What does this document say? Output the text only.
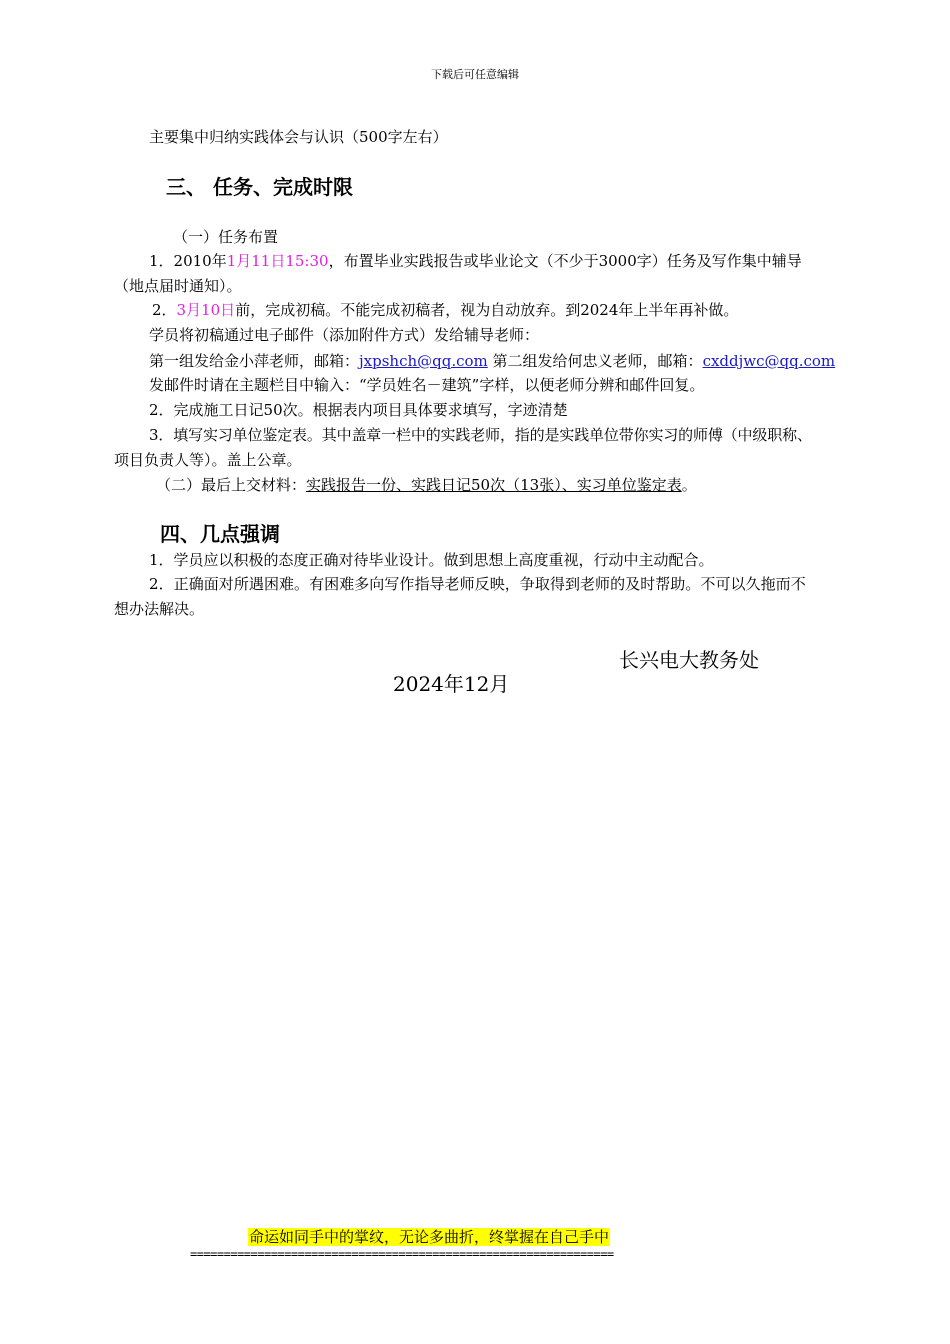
下载后可任意编辑
主要集中归纳实践体会与认识（500字左右）
三、 任务、完成时限
（一）任务布置
1．2010年1月11日15:30，布置毕业实践报告或毕业论文（不少于3000字）任务及写作集中辅导
（地点届时通知）。
2．3月10日前，完成初稿。不能完成初稿者，视为自动放弃。到2024年上半年再补做。
学员将初稿通过电子邮件（添加附件方式）发给辅导老师：
第一组发给金小萍老师，邮箱：jxpshch@qq.com 第二组发给何忠义老师，邮箱：cxddjwc@qq.com
发邮件时请在主题栏目中输入：“学员姓名－建筑”字样，以便老师分辨和邮件回复。
2．完成施工日记50次。根据表内项目具体要求填写，字迹清楚
3．填写实习单位鉴定表。其中盖章一栏中的实践老师，指的是实践单位带你实习的师傅（中级职称、
项目负责人等）。盖上公章。
（二）最后上交材料：实践报告一份、实践日记50次（13张）、实习单位鉴定表。
四、几点强调
1．学员应以积极的态度正确对待毕业设计。做到思想上高度重视，行动中主动配合。
2．正确面对所遇困难。有困难多向写作指导老师反映，争取得到老师的及时帮助。不可以久拖而不
想办法解决。
长兴电大教务处
2024年12月
命运如同手中的掌纹，无论多曲折，终掌握在自己手中
===============================================================
